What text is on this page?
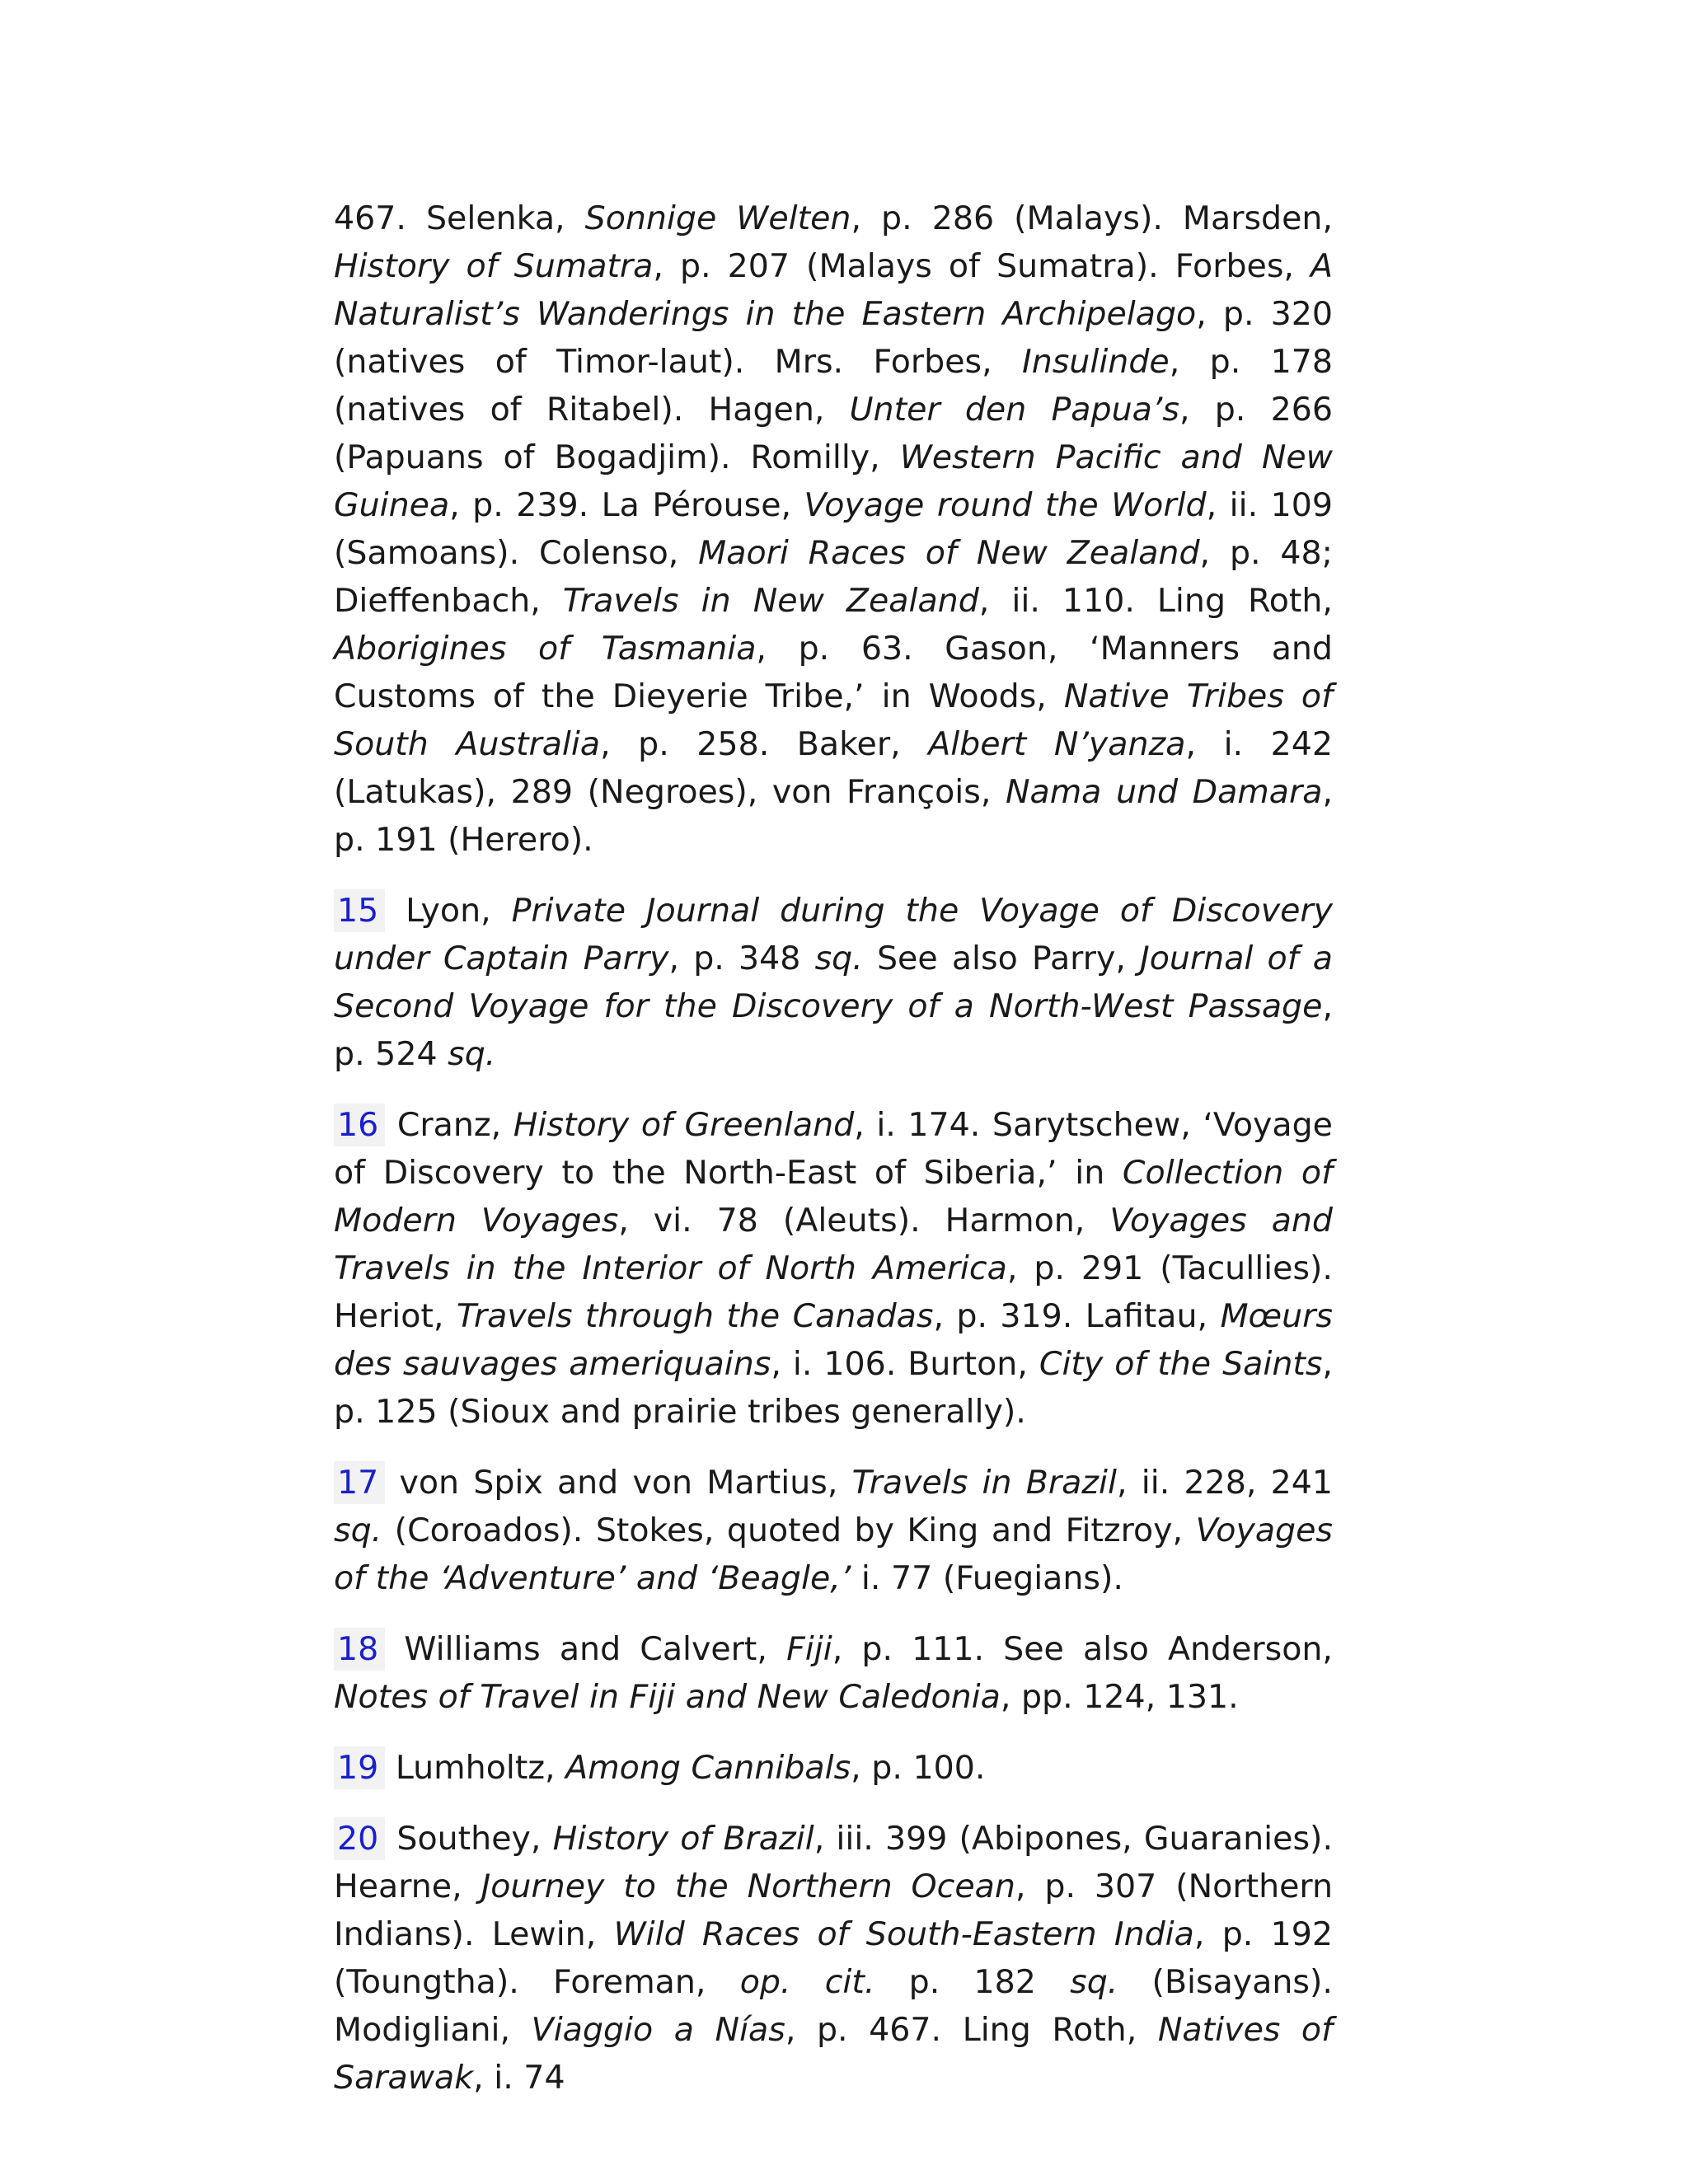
467. Selenka, Sonnige Welten, p. 286 (Malays). Marsden, History of Sumatra, p. 207 (Malays of Sumatra). Forbes, A Naturalist’s Wanderings in the Eastern Archipelago, p. 320 (natives of Timor-laut). Mrs. Forbes, Insulinde, p. 178 (natives of Ritabel). Hagen, Unter den Papua’s, p. 266 (Papuans of Bogadjim). Romilly, Western Pacific and New Guinea, p. 239. La Pérouse, Voyage round the World, ii. 109 (Samoans). Colenso, Maori Races of New Zealand, p. 48; Dieffenbach, Travels in New Zealand, ii. 110. Ling Roth, Aborigines of Tasmania, p. 63. Gason, ‘Manners and Customs of the Dieyerie Tribe,’ in Woods, Native Tribes of South Australia, p. 258. Baker, Albert N’yanza, i. 242 (Latukas), 289 (Negroes), von François, Nama und Damara, p. 191 (Herero).

15 Lyon, Private Journal during the Voyage of Discovery under Captain Parry, p. 348 sq. See also Parry, Journal of a Second Voyage for the Discovery of a North-West Passage, p. 524 sq.

16 Cranz, History of Greenland, i. 174. Sarytschew, ‘Voyage of Discovery to the North-East of Siberia,’ in Collection of Modern Voyages, vi. 78 (Aleuts). Harmon, Voyages and Travels in the Interior of North America, p. 291 (Tacullies). Heriot, Travels through the Canadas, p. 319. Lafitau, Mœurs des sauvages ameriquains, i. 106. Burton, City of the Saints, p. 125 (Sioux and prairie tribes generally).

17 von Spix and von Martius, Travels in Brazil, ii. 228, 241 sq. (Coroados). Stokes, quoted by King and Fitzroy, Voyages of the ‘Adventure’ and ‘Beagle,’ i. 77 (Fuegians).

18 Williams and Calvert, Fiji, p. 111. See also Anderson, Notes of Travel in Fiji and New Caledonia, pp. 124, 131.

19 Lumholtz, Among Cannibals, p. 100.

20 Southey, History of Brazil, iii. 399 (Abipones, Guaranies). Hearne, Journey to the Northern Ocean, p. 307 (Northern Indians). Lewin, Wild Races of South-Eastern India, p. 192 (Toungtha). Foreman, op. cit. p. 182 sq. (Bisayans). Modigliani, Viaggio a Nías, p. 467. Ling Roth, Natives of Sarawak, i. 74
